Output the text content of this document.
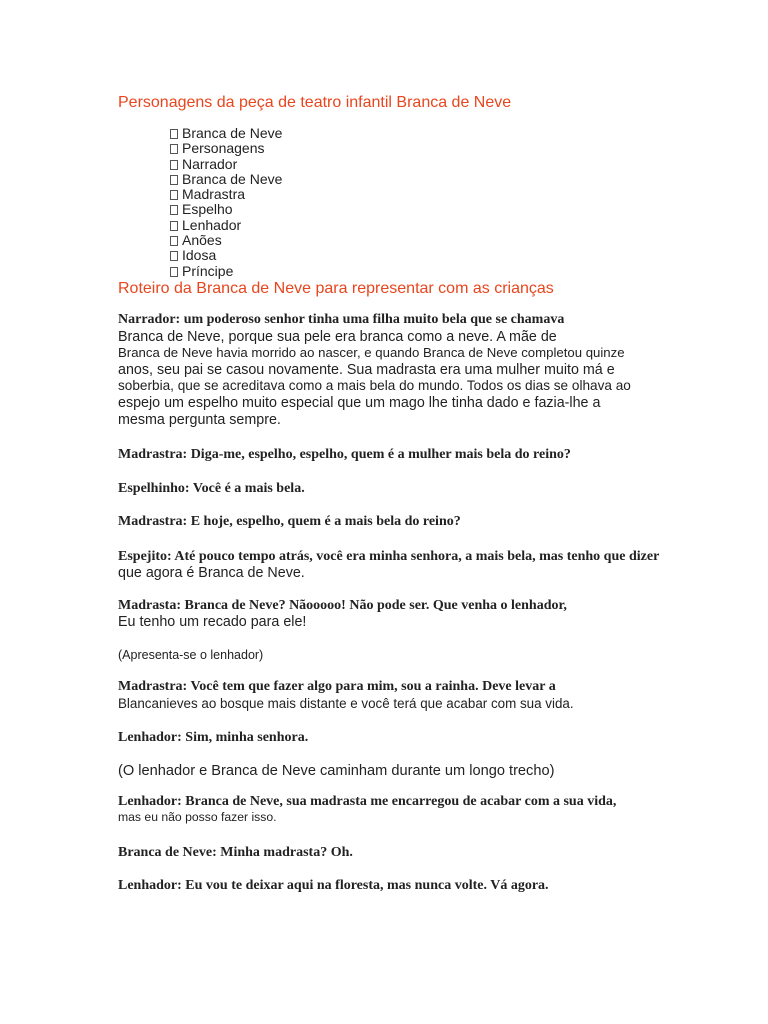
Personagens da peça de teatro infantil Branca de Neve
Branca de Neve
Personagens
Narrador
Branca de Neve
Madrastra
Espelho
Lenhador
Anões
Idosa
Príncipe
Roteiro da Branca de Neve para representar com as crianças
Narrador: um poderoso senhor tinha uma filha muito bela que se chamava
Branca de Neve, porque sua pele era branca como a neve. A mãe de
Branca de Neve havia morrido ao nascer, e quando Branca de Neve completou quinze
anos, seu pai se casou novamente. Sua madrasta era uma mulher muito má e
soberbia, que se acreditava como a mais bela do mundo. Todos os dias se olhava ao
espejo um espelho muito especial que um mago lhe tinha dado e fazia-lhe a
mesma pergunta sempre.
Madrastra: Diga-me, espelho, espelho, quem é a mulher mais bela do reino?
Espelhinho: Você é a mais bela.
Madrastra: E hoje, espelho, quem é a mais bela do reino?
Espejito: Até pouco tempo atrás, você era minha senhora, a mais bela, mas tenho que dizer
que agora é Branca de Neve.
Madrasta: Branca de Neve? Nãooooo! Não pode ser. Que venha o lenhador,
Eu tenho um recado para ele!
(Apresenta-se o lenhador)
Madrastra: Você tem que fazer algo para mim, sou a rainha. Deve levar a
Blancanieves ao bosque mais distante e você terá que acabar com sua vida.
Lenhador: Sim, minha senhora.
(O lenhador e Branca de Neve caminham durante um longo trecho)
Lenhador: Branca de Neve, sua madrasta me encarregou de acabar com a sua vida,
mas eu não posso fazer isso.
Branca de Neve: Minha madrasta? Oh.
Lenhador: Eu vou te deixar aqui na floresta, mas nunca volte. Vá agora.
